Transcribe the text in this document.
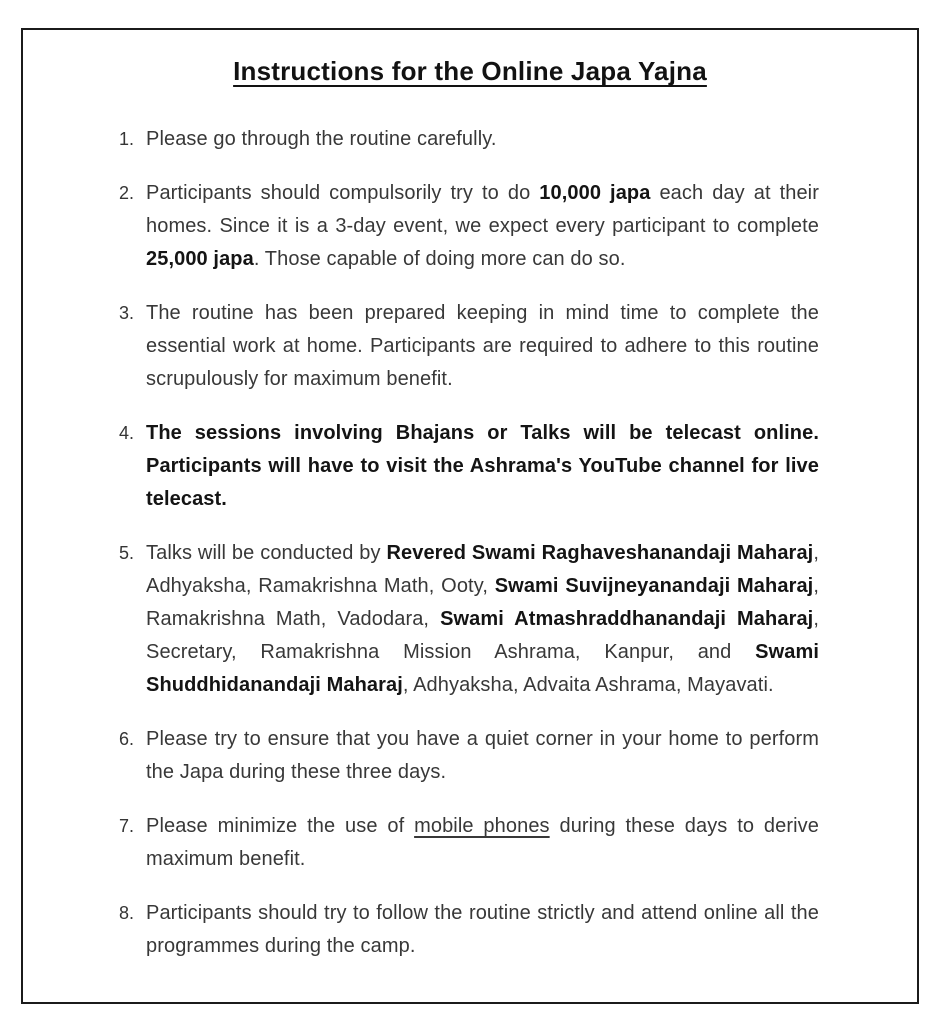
Instructions for the Online Japa Yajna
1. Please go through the routine carefully.
2. Participants should compulsorily try to do 10,000 japa each day at their homes. Since it is a 3-day event, we expect every participant to complete 25,000 japa. Those capable of doing more can do so.
3. The routine has been prepared keeping in mind time to complete the essential work at home. Participants are required to adhere to this routine scrupulously for maximum benefit.
4. The sessions involving Bhajans or Talks will be telecast online. Participants will have to visit the Ashrama's YouTube channel for live telecast.
5. Talks will be conducted by Revered Swami Raghaveshanandaji Maharaj, Adhyaksha, Ramakrishna Math, Ooty, Swami Suvijneyanandaji Maharaj, Ramakrishna Math, Vadodara, Swami Atmashraddhanandaji Maharaj, Secretary, Ramakrishna Mission Ashrama, Kanpur, and Swami Shuddhidanandaji Maharaj, Adhyaksha, Advaita Ashrama, Mayavati.
6. Please try to ensure that you have a quiet corner in your home to perform the Japa during these three days.
7. Please minimize the use of mobile phones during these days to derive maximum benefit.
8. Participants should try to follow the routine strictly and attend online all the programmes during the camp.
